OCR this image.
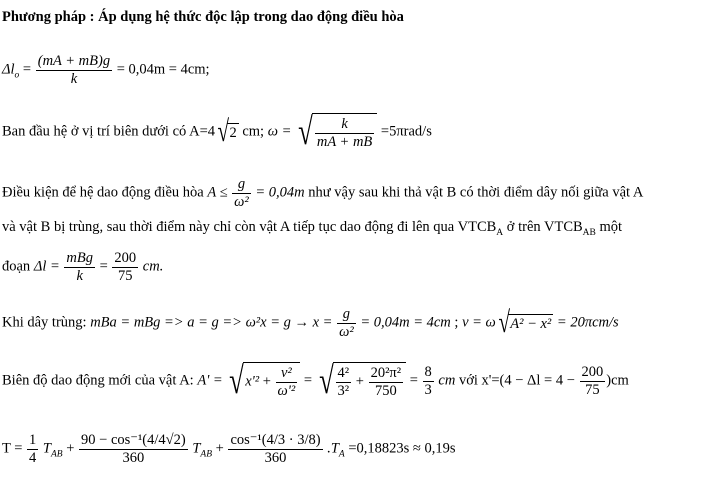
Phương pháp : Áp dụng hệ thức độc lập trong dao động điều hòa
$\Delta l_o = \frac{(mA + mB)g}{k} = 0,04m = 4cm$;
Ban đầu hệ ở vị trí biên dưới có A=4√2 cm; ω = √ $\frac{k}{mA + mB} =5\pi rad/s$
Điều kiện để hệ dao động điều hòa $A \le \frac{g}{\text{ω²}} = 0,04m$ như vậy sau khi thả vật B có thời điểm dây nối giữa vật A
và vật B bị trùng, sau thời điểm này chỉ còn vật A tiếp tục dao động đi lên qua $VTCB_A$ ở trên $VTCB_{AB}$ một
đoạn $\Delta l = \frac{\text{mBg}}{k} = \frac{200}{75}$ cm.
Khi dây trùng: mBa = mBg => $a = g => \omega^2x = g \to x = \frac{g}{\text{ω²}} = 0,04m = 4cm$ ; v = ω√A² − x² = 20πcm/s
Biên độ dao động mới của vật A: $A' = √x'^2 + \frac{\text{v²}}{\text{ω'²}}$ = √ $\frac{\text{4²}}{\text{3²}} + \frac{\text{20²π²}}{750} = \frac{8}{3}$ cm với $x'=(4 - \Delta l = 4 - \frac{200}{75} )cm$
$T = \frac{1}{4} T_{AB} + \frac{\text{90 − cos⁻¹(4/4√2)}}{360} T_{AB} + \frac{\text{cos⁻¹(4/3 · 3/8)}}{360} .T_A =0,18823s \approx 0,19s$
